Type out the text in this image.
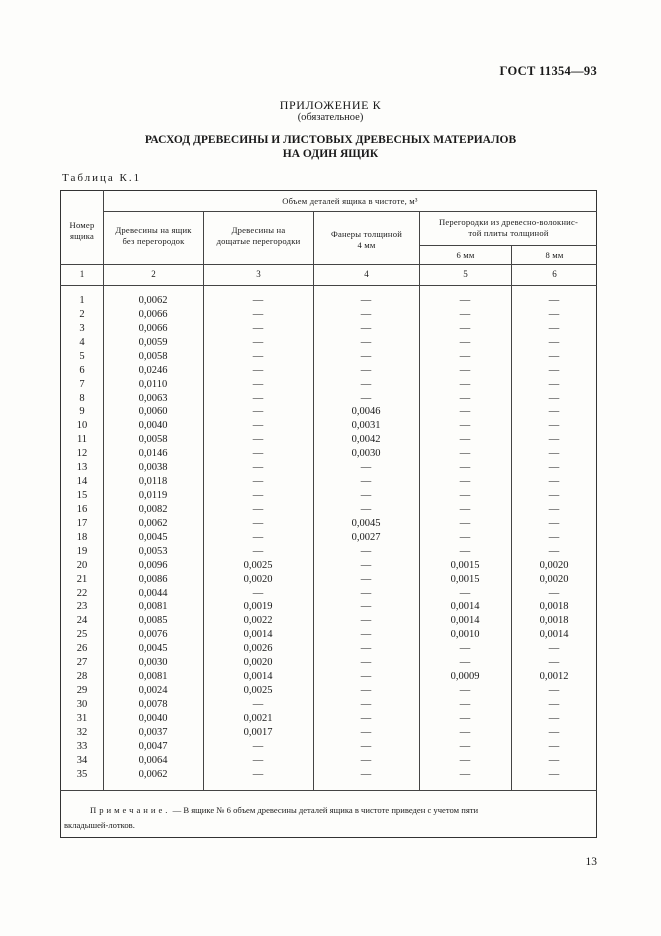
ГОСТ 11354—93
ПРИЛОЖЕНИЕ К
(обязательное)
РАСХОД ДРЕВЕСИНЫ И ЛИСТОВЫХ ДРЕВЕСНЫХ МАТЕРИАЛОВ
НА ОДИН ЯЩИК
Таблица К.1
Номер
ящика
Объем деталей ящика в чистоте, м³
Древесины на ящик
без перегородок
Древесины на
дощатые перегородки
Фанеры толщиной
4 мм
Перегородки из древесно-волокнис-
той плиты толщиной
6 мм	8 мм
1	2	3	4	5	6
1	0,0062	—	—	—	—
2	0,0066	—	—	—	—
3	0,0066	—	—	—	—
4	0,0059	—	—	—	—
5	0,0058	—	—	—	—
6	0,0246	—	—	—	—
7	0,0110	—	—	—	—
8	0,0063	—	—	—	—
9	0,0060	—	0,0046	—	—
10	0,0040	—	0,0031	—	—
11	0,0058	—	0,0042	—	—
12	0,0146	—	0,0030	—	—
13	0,0038	—	—	—	—
14	0,0118	—	—	—	—
15	0,0119	—	—	—	—
16	0,0082	—	—	—	—
17	0,0062	—	0,0045	—	—
18	0,0045	—	0,0027	—	—
19	0,0053	—	—	—	—
20	0,0096	0,0025	—	0,0015	0,0020
21	0,0086	0,0020	—	0,0015	0,0020
22	0,0044	—	—	—	—
23	0,0081	0,0019	—	0,0014	0,0018
24	0,0085	0,0022	—	0,0014	0,0018
25	0,0076	0,0014	—	0,0010	0,0014
26	0,0045	0,0026	—	—	—
27	0,0030	0,0020	—	—	—
28	0,0081	0,0014	—	0,0009	0,0012
29	0,0024	0,0025	—	—	—
30	0,0078	—	—	—	—
31	0,0040	0,0021	—	—	—
32	0,0037	0,0017	—	—	—
33	0,0047	—	—	—	—
34	0,0064	—	—	—	—
35	0,0062	—	—	—	—
Примечание. — В ящике № 6 объем древесины деталей ящика в чистоте приведен с учетом пяти
вкладышей-лотков.
13
